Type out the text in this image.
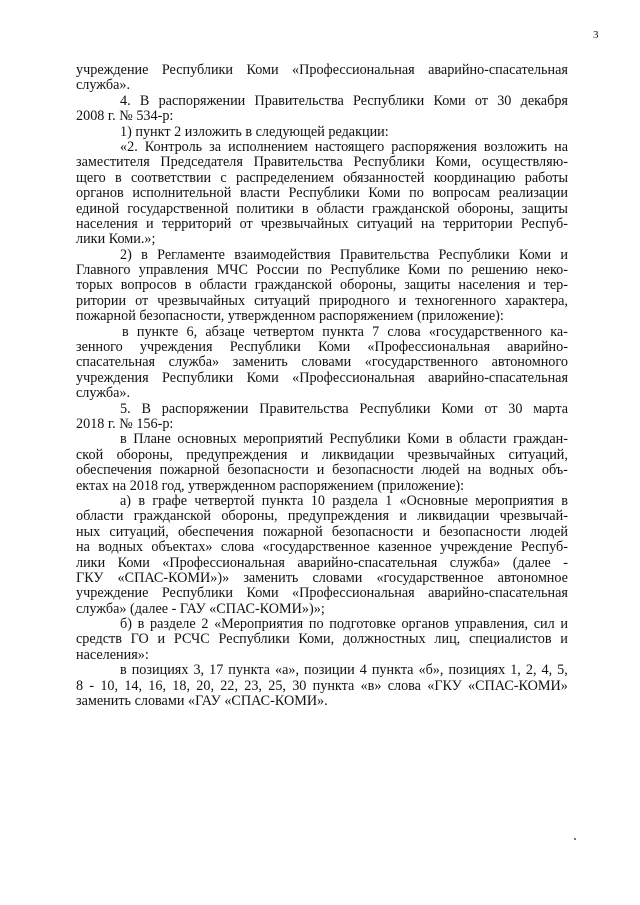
3
учреждение Республики Коми «Профессиональная аварийно-спасательная
служба».
4. В распоряжении Правительства Республики Коми от 30 декабря
2008 г. № 534-р:
1) пункт 2 изложить в следующей редакции:
«2. Контроль за исполнением настоящего распоряжения возложить на
заместителя Председателя Правительства Республики Коми, осуществляю-
щего в соответствии с распределением обязанностей координацию работы
органов исполнительной власти Республики Коми по вопросам реализации
единой государственной политики в области гражданской обороны, защиты
населения и территорий от чрезвычайных ситуаций на территории Респуб-
лики Коми.»;
2) в Регламенте взаимодействия Правительства Республики Коми и
Главного управления МЧС России по Республике Коми по решению неко-
торых вопросов в области гражданской обороны, защиты населения и тер-
ритории от чрезвычайных ситуаций природного и техногенного характера,
пожарной безопасности, утвержденном распоряжением (приложение):
в пункте 6, абзаце четвертом пункта 7 слова «государственного ка-
зенного учреждения Республики Коми «Профессиональная аварийно-
спасательная служба» заменить словами «государственного автономного
учреждения Республики Коми «Профессиональная аварийно-спасательная
служба».
5. В распоряжении Правительства Республики Коми от 30 марта
2018 г. № 156-р:
в Плане основных мероприятий Республики Коми в области граждан-
ской обороны, предупреждения и ликвидации чрезвычайных ситуаций,
обеспечения пожарной безопасности и безопасности людей на водных объ-
ектах на 2018 год, утвержденном распоряжением (приложение):
а) в графе четвертой пункта 10 раздела 1 «Основные мероприятия в
области гражданской обороны, предупреждения и ликвидации чрезвычай-
ных ситуаций, обеспечения пожарной безопасности и безопасности людей
на водных объектах» слова «государственное казенное учреждение Респуб-
лики Коми «Профессиональная аварийно-спасательная служба» (далее -
ГКУ «СПАС-КОМИ»)» заменить словами «государственное автономное
учреждение Республики Коми «Профессиональная аварийно-спасательная
служба» (далее - ГАУ «СПАС-КОМИ»)»;
б) в разделе 2 «Мероприятия по подготовке органов управления, сил и
средств ГО и РСЧС Республики Коми, должностных лиц, специалистов и
населения»:
в позициях 3, 17 пункта «а», позиции 4 пункта «б», позициях 1, 2, 4, 5,
8 - 10, 14, 16, 18, 20, 22, 23, 25, 30 пункта «в» слова «ГКУ «СПАС-КОМИ»
заменить словами «ГАУ «СПАС-КОМИ».
